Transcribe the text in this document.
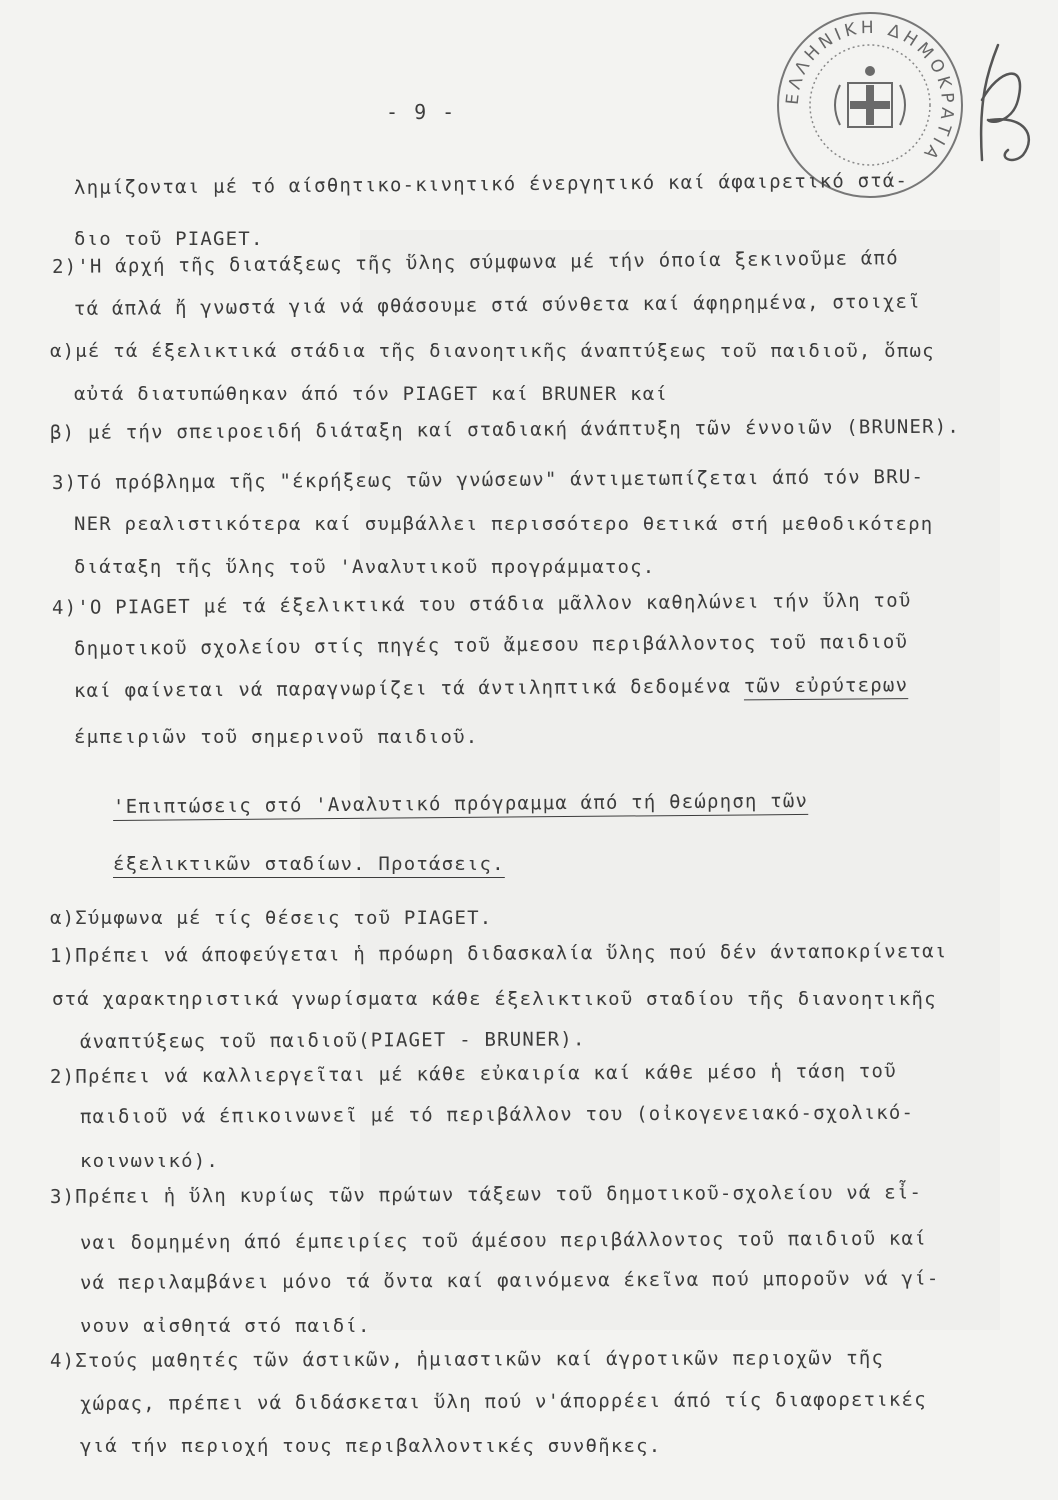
- 9 -
ΕΛΛΗΝΙΚΗ ΔΗΜΟΚΡΑΤΙΑ
λημίζονται μέ τό αίσθητικο-κινητικό ένεργητικό καί άφαιρετικό στά-
διο τοῦ PIAGET.
2)'Η άρχή τῆς διατάξεως τῆς ὕλης σύμφωνα μέ τήν όποία ξεκινοῦμε άπό
τά άπλά ἤ γνωστά γιά νά φθάσουμε στά σύνθετα καί άφηρημένα, στοιχεῖ
α)μέ τά έξελικτικά στάδια τῆς διανοητικῆς άναπτύξεως τοῦ παιδιοῦ, ὅπως
αὐτά διατυπώθηκαν άπό τόν PIAGET καί BRUNER καί
β) μέ τήν σπειροειδή διάταξη καί σταδιακή άνάπτυξη τῶν έννοιῶν (BRUNER).
3)Τό πρόβλημα τῆς "έκρήξεως τῶν γνώσεων" άντιμετωπίζεται άπό τόν BRU-
NER ρεαλιστικότερα καί συμβάλλει περισσότερο θετικά στή μεθοδικότερη
διάταξη τῆς ὕλης τοῦ 'Αναλυτικοῦ προγράμματος.
4)'Ο PIAGET μέ τά έξελικτικά του στάδια μᾶλλον καθηλώνει τήν ὕλη τοῦ
δημοτικοῦ σχολείου στίς πηγές τοῦ ἄμεσου περιβάλλοντος τοῦ παιδιοῦ
καί φαίνεται νά παραγνωρίζει τά άντιληπτικά δεδομένα τῶν εὐρύτερων
έμπειριῶν τοῦ σημερινοῦ παιδιοῦ.
'Επιπτώσεις στό 'Αναλυτικό πρόγραμμα άπό τή θεώρηση τῶν
έξελικτικῶν σταδίων. Προτάσεις.
α)Σύμφωνα μέ τίς θέσεις τοῦ PIAGET.
1)Πρέπει νά άποφεύγεται ἡ πρόωρη διδασκαλία ὕλης πού δέν άνταποκρίνεται
στά χαρακτηριστικά γνωρίσματα κάθε έξελικτικοῦ σταδίου τῆς διανοητικῆς
άναπτύξεως τοῦ παιδιοῦ(PIAGET - BRUNER).
2)Πρέπει νά καλλιεργεῖται μέ κάθε εὐκαιρία καί κάθε μέσο ἡ τάση τοῦ
παιδιοῦ νά έπικοινωνεῖ μέ τό περιβάλλον του (οἰκογενειακό-σχολικό-
κοινωνικό).
3)Πρέπει ἡ ὕλη κυρίως τῶν πρώτων τάξεων τοῦ δημοτικοῦ-σχολείου νά εἶ-
ναι δομημένη άπό έμπειρίες τοῦ άμέσου περιβάλλοντος τοῦ παιδιοῦ καί
νά περιλαμβάνει μόνο τά ὄντα καί φαινόμενα έκεῖνα πού μποροῦν νά γί-
νουν αἰσθητά στό παιδί.
4)Στούς μαθητές τῶν άστικῶν, ἡμιαστικῶν καί άγροτικῶν περιοχῶν τῆς
χώρας, πρέπει νά διδάσκεται ὕλη πού ν'άπορρέει άπό τίς διαφορετικές
γιά τήν περιοχή τους περιβαλλοντικές συνθῆκες.
